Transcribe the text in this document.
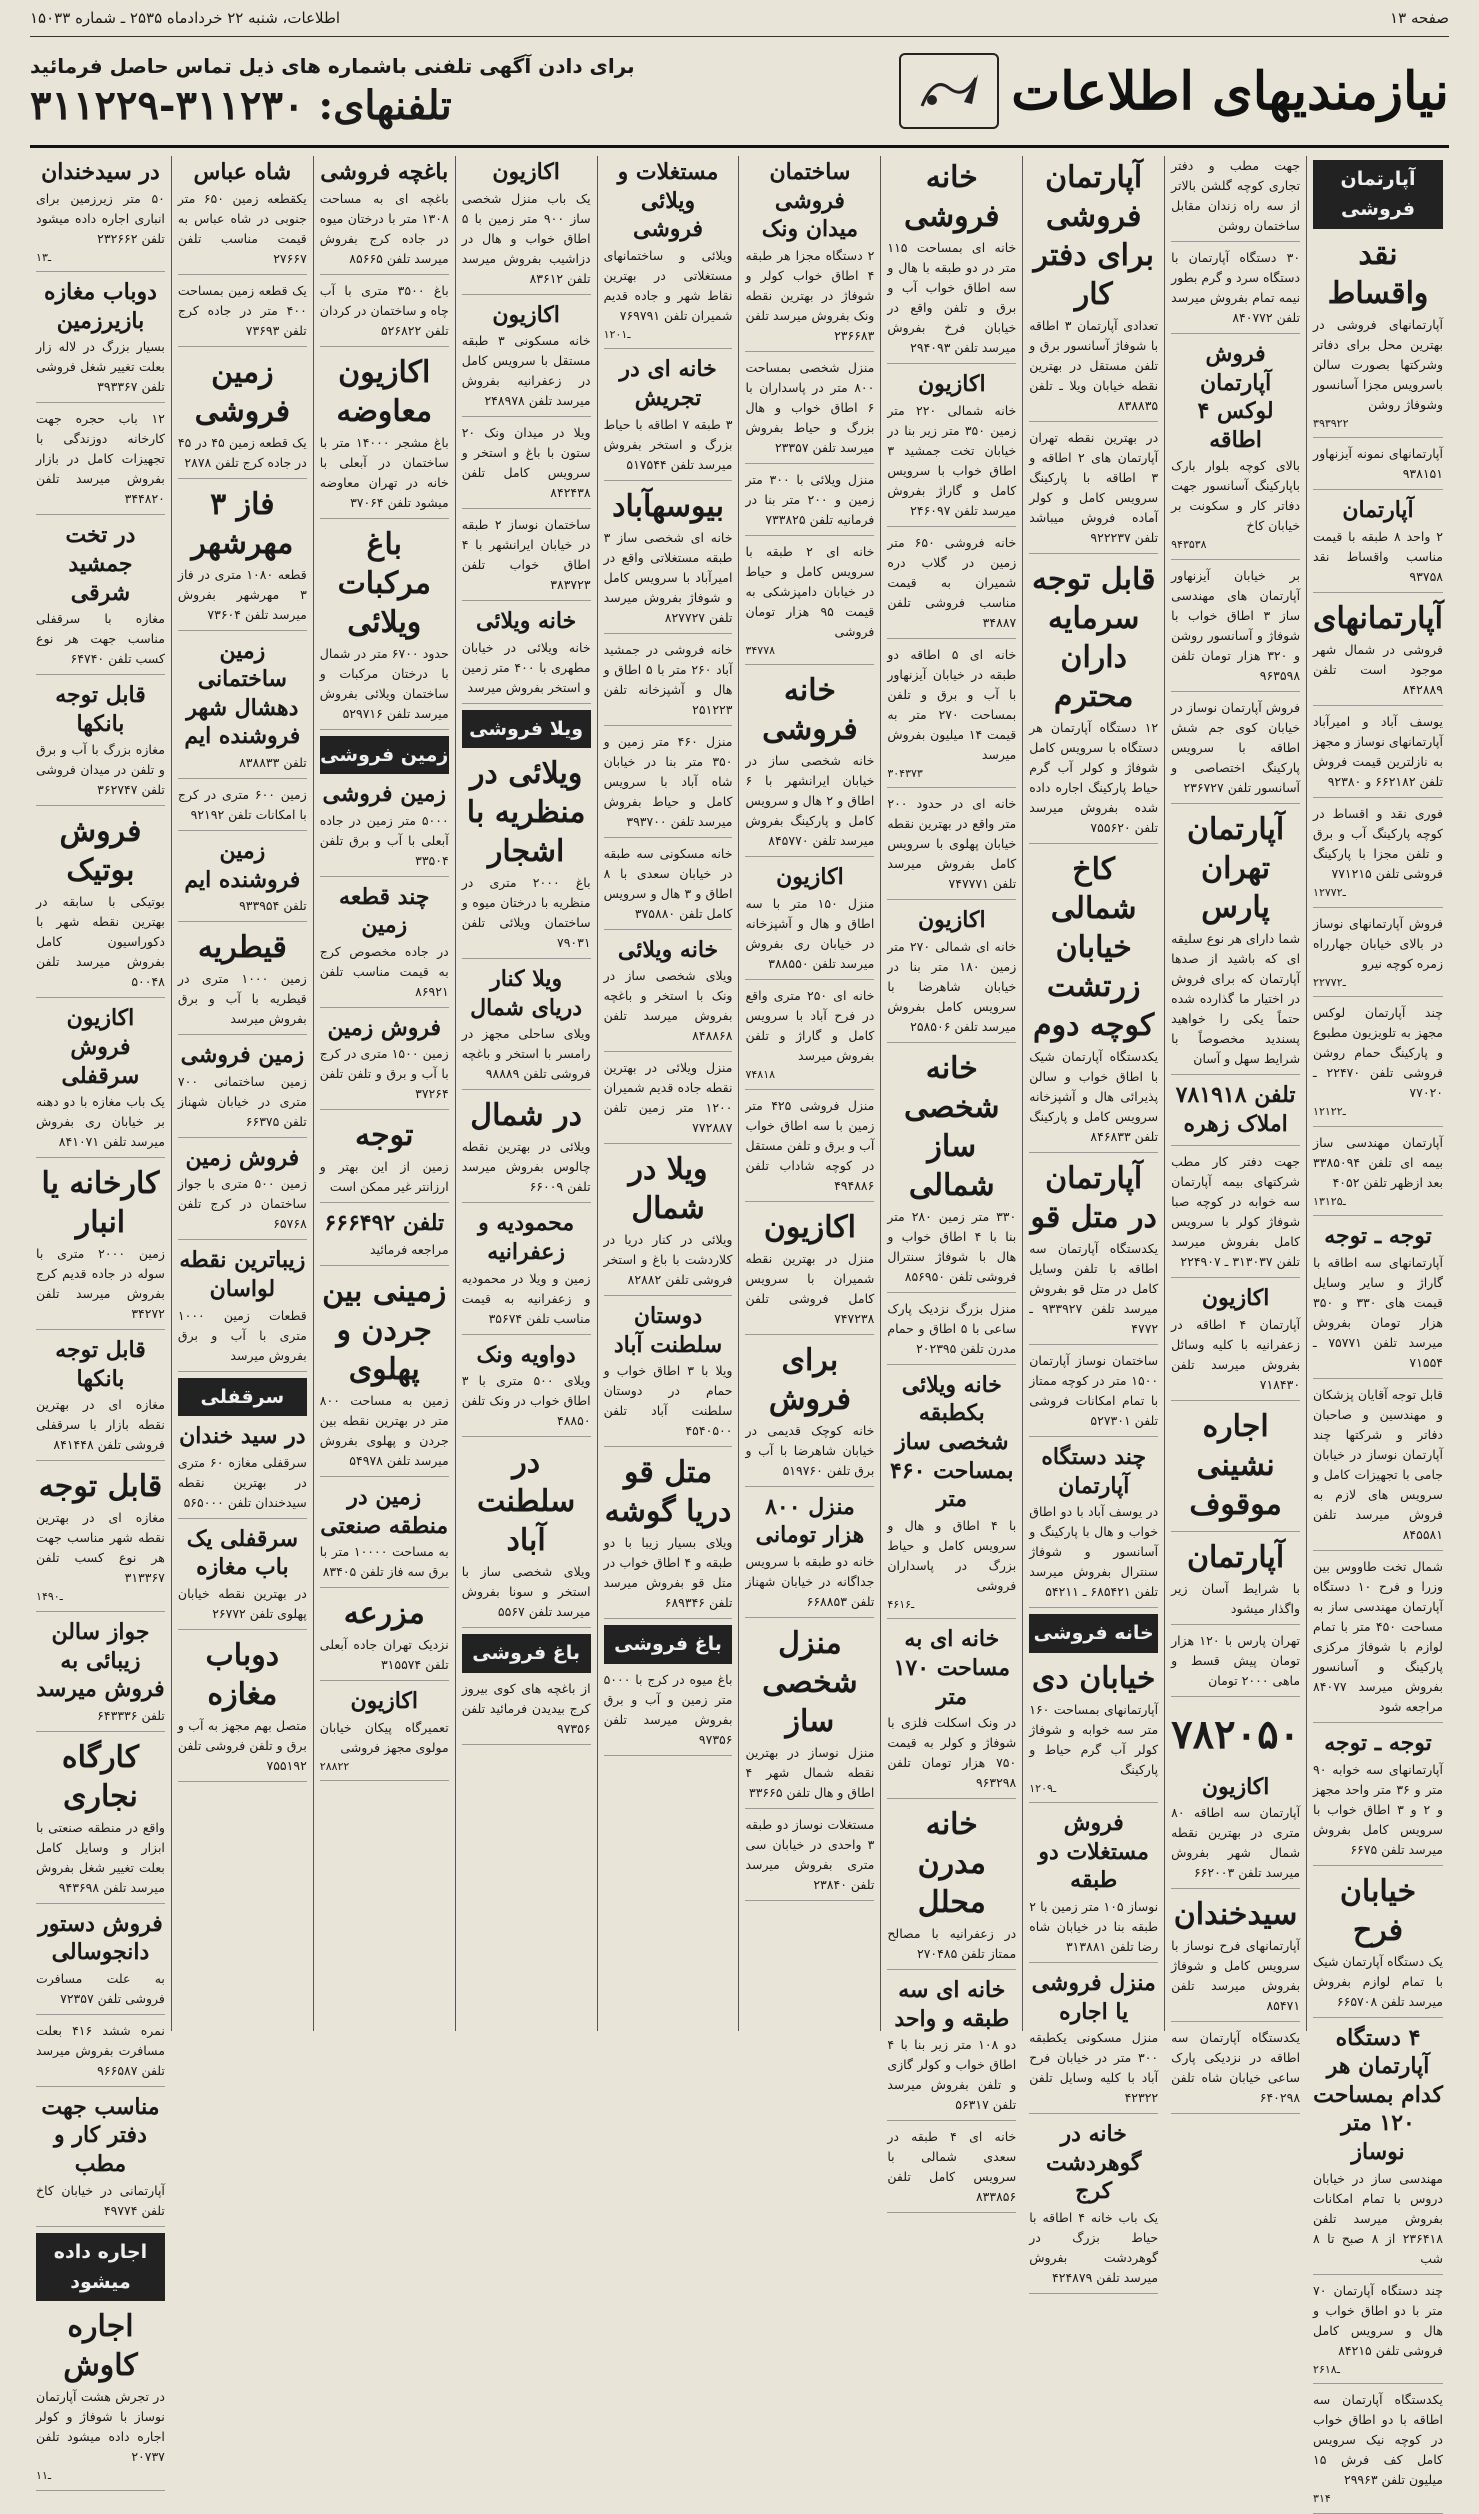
صفحه ۱۳
اطلاعات، شنبه ۲۲ خردادماه ۲۵۳۵ ـ شماره ۱۵۰۳۳
نیازمندیهای اطلاعات
برای دادن آگهی تلفنی باشماره های ذیل تماس حاصل فرمائید
تلفنهای: ۳۱۱۲۳۰-۳۱۱۲۲۹
آپارتمان فروشی
نقد واقساط
آپارتمانهای فروشی در بهترین محل برای دفاتر وشرکتها بصورت سالن باسرویس مجزا آسانسور وشوفاژ روشن
۳۹۳۹۲۲
آپارتمانهای نمونه آیزنهاور ۹۳۸۱۵۱
آپارتمان
۲ واحد ۸ طبقه با قیمت مناسب واقساط نقد ۹۳۷۵۸
آپارتمانهای
فروشی در شمال شهر موجود است تلفن ۸۴۲۸۸۹
یوسف آباد و امیرآباد آپارتمانهای نوساز و مجهز به نازلترین قیمت فروش تلفن ۶۶۲۱۸۲ و ۹۲۳۸۰
فوری نقد و اقساط در کوچه پارکینگ آب و برق و تلفن مجزا با پارکینگ فروشی تلفن ۷۷۱۲۱۵
۱ـ۲۷۷۲
فروش آپارتمانهای نوساز در بالای خیابان جهارراه زمره کوچه نیرو
۲ـ۲۷۷۲
چند آپارتمان لوکس مجهز به تلویزیون مطبوع و پارکینگ حمام روشن فروشی تلفن ۲۲۴۷۰ ـ ۷۷۰۲۰
۱ـ۲۱۲۲
آپارتمان مهندسی ساز بیمه ای تلفن ۳۳۸۵۰۹۴ بعد ازظهر تلفن ۴۰۵۲
۱ـ۳۱۲۵
توجه ـ توجه
آپارتمانهای سه اطاقه با گاراژ و سایر وسایل قیمت های ۳۳۰ و ۳۵۰ هزار تومان بفروش میرسد تلفن ۷۵۷۷۱ ـ ۷۱۵۵۴
قابل توجه آقایان پزشکان و مهندسین و صاحبان دفاتر و شرکتها چند آپارتمان نوساز در خیابان جامی با تجهیزات کامل و سرویس های لازم به فروش میرسد تلفن ۸۴۵۵۸۱
شمال تخت طاووس بین وزرا و فرح ۱۰ دستگاه آپارتمان مهندسی ساز به مساحت ۴۵۰ متر با تمام لوازم با شوفاژ مرکزی پارکینگ و آسانسور بفروش میرسد ۸۴۰۷۷ مراجعه شود
توجه ـ توجه
آپارتمانهای سه خوابه ۹۰ متر و ۳۶ متر واحد مجهز و ۲ و ۳ اطاق خواب با سرویس کامل بفروش میرسد تلفن ۶۶۷۵
خیابان فرح
یک دستگاه آپارتمان شیک با تمام لوازم بفروش میرسد تلفن ۶۶۵۷۰۸
۴ دستگاه آپارتمان هر کدام بمساحت ۱۲۰ متر نوساز
مهندسی ساز در خیابان دروس با تمام امکانات بفروش میرسد تلفن ۲۳۶۴۱۸ از ۸ صبح تا ۸ شب
چند دستگاه آپارتمان ۷۰ متر با دو اطاق خواب و هال و سرویس کامل فروشی تلفن ۸۴۲۱۵
۲ـ۶۱۸
یکدستگاه آپارتمان سه اطاقه با دو اطاق خواب در کوچه نیک سرویس کامل کف فرش ۱۵ میلیون تلفن ۲۹۹۶۳
۳۱۴
جهت مطب و دفتر تجاری کوچه گلشن بالاتر از سه راه زندان مقابل ساختمان روشن
۳۰ دستگاه آپارتمان با دستگاه سرد و گرم بطور نیمه تمام بفروش میرسد تلفن ۸۴۰۷۷۲
فروش آپارتمان لوکس ۴ اطاقه
بالای کوچه بلوار بارک باپارکینگ آسانسور جهت دفاتر کار و سکونت بر خیابان کاخ
۹۴۳۵۳۸
بر خیابان آیزنهاور آپارتمان های مهندسی ساز ۳ اطاق خواب با شوفاژ و آسانسور روشن و ۳۲۰ هزار تومان تلفن ۹۶۳۵۹۸
فروش آپارتمان نوساز در خیابان کوی جم شش اطاقه با سرویس پارکینگ اختصاصی و آسانسور تلفن ۲۳۶۷۲۷
آپارتمان تهران پارس
شما دارای هر نوع سلیقه ای که باشید از صدها آپارتمان که برای فروش در اختیار ما گذارده شده حتماً یکی را خواهید پسندید مخصوصاً با شرایط سهل و آسان
تلفن ۷۸۱۹۱۸ املاک زهره
جهت دفتر کار مطب شرکتهای بیمه آپارتمان سه خوابه در کوچه صبا شوفاژ کولر با سرویس کامل بفروش میرسد تلفن ۳۱۳۰۳۷ ـ ۲۲۴۹۰۷
اکازیون
آپارتمان ۴ اطاقه در زعفرانیه با کلیه وسائل بفروش میرسد تلفن ۷۱۸۴۳۰
اجاره نشینی موقوف
آپارتمان
با شرایط آسان زیر واگذار میشود
تهران پارس با ۱۲۰ هزار تومان پیش قسط و ماهی ۲۰۰۰ تومان
۷۸۲۰۵۰
اکازیون
آپارتمان سه اطاقه ۸۰ متری در بهترین نقطه شمال شهر بفروش میرسد تلفن ۶۶۲۰۰۳
سیدخندان
آپارتمانهای فرح نوساز با سرویس کامل و شوفاژ بفروش میرسد تلفن ۸۵۴۷۱
یکدستگاه آپارتمان سه اطاقه در نزدیکی پارک ساعی خیابان شاه تلفن ۶۴۰۲۹۸
آپارتمان فروشی برای دفتر کار
تعدادی آپارتمان ۳ اطاقه با شوفاژ آسانسور برق و تلفن مستقل در بهترین نقطه خیابان ویلا ـ تلفن ۸۳۸۸۳۵
در بهترین نقطه تهران آپارتمان های ۲ اطاقه و ۳ اطاقه با پارکینگ سرویس کامل و کولر آماده فروش میباشد تلفن ۹۲۲۲۳۷
قابل توجه سرمایه داران محترم
۱۲ دستگاه آپارتمان هر دستگاه با سرویس کامل شوفاژ و کولر آب گرم حیاط پارکینگ اجاره داده شده بفروش میرسد تلفن ۷۵۵۶۲۰
کاخ شمالی خیابان زرتشت کوچه دوم
یکدستگاه آپارتمان شیک با اطاق خواب و سالن پذیرائی هال و آشپزخانه سرویس کامل و پارکینگ تلفن ۸۴۶۸۳۳
آپارتمان در متل قو
یکدستگاه آپارتمان سه اطاقه با تلفن وسایل کامل در متل قو بفروش میرسد تلفن ۹۳۳۹۲۷ ـ ۴۷۷۲
ساختمان نوساز آپارتمان ۱۵۰۰ متر در کوچه ممتاز با تمام امکانات فروشی تلفن ۵۲۷۳۰۱
چند دستگاه آپارتمان
در یوسف آباد با دو اطاق خواب و هال با پارکینگ و آسانسور و شوفاژ سنترال بفروش میرسد تلفن ۶۸۵۴۲۱ ـ ۵۴۲۱۱
خانه فروشی
خیابان دی
آپارتمانهای بمساحت ۱۶۰ متر سه خوابه و شوفاژ کولر آب گرم حیاط و پارکینگ
۱ـ۲۰۹
فروش مستغلات دو طبقه
نوساز ۱۰۵ متر زمین با ۲ طبقه بنا در خیابان شاه رضا تلفن ۳۱۳۸۸۱
منزل فروشی یا اجاره
منزل مسکونی یکطبقه ۳۰۰ متر در خیابان فرح آباد با کلیه وسایل تلفن ۴۲۳۲۲
خانه در گوهردشت کرج
یک باب خانه ۴ اطاقه با حیاط بزرگ در گوهردشت بفروش میرسد تلفن ۴۲۴۸۷۹
خانه فروشی
خانه ای بمساحت ۱۱۵ متر در دو طبقه با هال و سه اطاق خواب آب و برق و تلفن واقع در خیابان فرخ بفروش میرسد تلفن ۲۹۴۰۹۳
اکازیون
خانه شمالی ۲۲۰ متر زمین ۳۵۰ متر زیر بنا در خیابان تخت جمشید ۳ اطاق خواب با سرویس کامل و گاراژ بفروش میرسد تلفن ۲۴۶۰۹۷
خانه فروشی ۶۵۰ متر زمین در گلاب دره شمیران به قیمت مناسب فروشی تلفن ۳۴۸۸۷
خانه ای ۵ اطاقه دو طبقه در خیابان آیزنهاور با آب و برق و تلفن بمساحت ۲۷۰ متر به قیمت ۱۴ میلیون بفروش میرسد
۳۰۴۳۷۳
خانه ای در حدود ۲۰۰ متر واقع در بهترین نقطه خیابان پهلوی با سرویس کامل بفروش میرسد تلفن ۷۴۷۷۷۱
اکازیون
خانه ای شمالی ۲۷۰ متر زمین ۱۸۰ متر بنا در خیابان شاهرضا با سرویس کامل بفروش میرسد تلفن ۲۵۸۵۰۶
خانه شخصی ساز شمالی
۳۳۰ متر زمین ۲۸۰ متر بنا با ۴ اطاق خواب و هال با شوفاژ سنترال فروشی تلفن ۸۵۶۹۵۰
منزل بزرگ نزدیک پارک ساعی با ۵ اطاق و حمام مدرن تلفن ۲۰۲۳۹۵
خانه ویلائی بکطبقه شخصی ساز بمساحت ۴۶۰ متر
با ۴ اطاق و هال و سرویس کامل و حیاط بزرگ در پاسداران فروشی
۴ـ۶۱۶
خانه ای به مساحت ۱۷۰ متر
در ونک اسکلت فلزی با شوفاژ و کولر به قیمت ۷۵۰ هزار تومان تلفن ۹۶۳۲۹۸
خانه مدرن محلل
در زعفرانیه با مصالح ممتاز تلفن ۲۷۰۴۸۵
خانه ای سه طبقه و واحد
دو ۱۰۸ متر زیر بنا با ۴ اطاق خواب و کولر گازی و تلفن بفروش میرسد تلفن ۵۶۳۱۷
خانه ای ۴ طبقه در سعدی شمالی با سرویس کامل تلفن ۸۳۳۸۵۶
ساختمان فروشی میدان ونک
۲ دستگاه مجزا هر طبقه ۴ اطاق خواب کولر و شوفاژ در بهترین نقطه ونک بفروش میرسد تلفن ۲۳۶۶۸۳
منزل شخصی بمساحت ۸۰۰ متر در پاسداران با ۶ اطاق خواب و هال بزرگ و حیاط بفروش میرسد تلفن ۲۳۳۵۷
منزل ویلائی با ۳۰۰ متر زمین و ۲۰۰ متر بنا در فرمانیه تلفن ۷۳۳۸۲۵
خانه ای ۲ طبقه با سرویس کامل و حیاط در خیابان دامپزشکی به قیمت ۹۵ هزار تومان فروشی
۳۴۷۷۸
خانه فروشی
خانه شخصی ساز در خیابان ایرانشهر با ۶ اطاق و ۲ هال و سرویس کامل و پارکینگ بفروش میرسد تلفن ۸۴۵۷۷۰
اکازیون
منزل ۱۵۰ متر با سه اطاق و هال و آشپزخانه در خیابان ری بفروش میرسد تلفن ۳۸۸۵۵۰
خانه ای ۲۵۰ متری واقع در فرح آباد با سرویس کامل و گاراژ و تلفن بفروش میرسد
۷۴۸۱۸
منزل فروشی ۴۲۵ متر زمین با سه اطاق خواب آب و برق و تلفن مستقل در کوچه شاداب تلفن ۴۹۴۸۸۶
اکازیون
منزل در بهترین نقطه شمیران با سرویس کامل فروشی تلفن ۷۴۷۲۳۸
برای فروش
خانه کوچک قدیمی در خیابان شاهرضا با آب و برق تلفن ۵۱۹۷۶۰
منزل ۸۰۰ هزار تومانی
خانه دو طبقه با سرویس جداگانه در خیابان شهناز تلفن ۶۶۸۸۵۳
منزل شخصی ساز
منزل نوساز در بهترین نقطه شمال شهر ۴ اطاق و هال تلفن ۳۳۶۶۵
مستغلات نوساز دو طبقه ۳ واحدی در خیابان سی متری بفروش میرسد تلفن ۲۳۸۴۰
مستغلات و ویلائی فروشی
ویلائی و ساختمانهای مستغلاتی در بهترین نقاط شهر و جاده قدیم شمیران تلفن ۷۶۹۷۹۱
۱ـ۲۰۱
خانه ای در تجریش
۳ طبقه ۷ اطاقه با حیاط بزرگ و استخر بفروش میرسد تلفن ۵۱۷۵۴۴
بیوسهآباد
خانه ای شخصی ساز ۳ طبقه مستغلاتی واقع در امیرآباد با سرویس کامل و شوفاژ بفروش میرسد تلفن ۸۲۷۷۲۷
خانه فروشی در جمشید آباد ۲۶۰ متر با ۵ اطاق و هال و آشپزخانه تلفن ۲۵۱۲۲۳
منزل ۴۶۰ متر زمین و ۳۵۰ متر بنا در خیابان شاه آباد با سرویس کامل و حیاط بفروش میرسد تلفن ۳۹۳۷۰۰
خانه مسکونی سه طبقه در خیابان سعدی با ۸ اطاق و ۳ هال و سرویس کامل تلفن ۳۷۵۸۸۰
خانه ویلائی
ویلای شخصی ساز در ونک با استخر و باغچه بفروش میرسد تلفن ۸۴۸۸۶۸
منزل ویلائی در بهترین نقطه جاده قدیم شمیران ۱۲۰۰ متر زمین تلفن ۷۷۲۸۸۷
ویلا در شمال
ویلائی در کنار دریا در کلاردشت با باغ و استخر فروشی تلفن ۸۲۸۸۲
دوستان سلطنت آباد
ویلا با ۳ اطاق خواب و حمام در دوستان سلطنت آباد تلفن ۴۵۴۰۵۰۰
متل قو دریا گوشه
ویلای بسیار زیبا با دو طبقه و ۴ اطاق خواب در متل قو بفروش میرسد تلفن ۶۸۹۳۴۶
باغ فروشی
باغ میوه در کرج با ۵۰۰۰ متر زمین و آب و برق بفروش میرسد تلفن ۹۷۳۵۶
اکازیون
یک باب منزل شخصی ساز ۹۰۰ متر زمین با ۵ اطاق خواب و هال در دزاشیب بفروش میرسد تلفن ۸۳۶۱۲
اکازیون
خانه مسکونی ۳ طبقه مستقل با سرویس کامل در زعفرانیه بفروش میرسد تلفن ۲۴۸۹۷۸
ویلا در میدان ونک ۲۰ ستون با باغ و استخر و سرویس کامل تلفن ۸۴۲۴۳۸
ساختمان نوساز ۲ طبقه در خیابان ایرانشهر با ۴ اطاق خواب تلفن ۳۸۳۷۲۳
خانه ویلائی
خانه ویلائی در خیابان مطهری با ۴۰۰ متر زمین و استخر بفروش میرسد
ویلا فروشی
ویلائی در منظریه با اشجار
باغ ۲۰۰۰ متری در منظریه با درختان میوه و ساختمان ویلائی تلفن ۷۹۰۳۱
ویلا کنار دریای شمال
ویلای ساحلی مجهز در رامسر با استخر و باغچه فروشی تلفن ۹۸۸۸۹
در شمال
ویلائی در بهترین نقطه چالوس بفروش میرسد تلفن ۶۶۰۰۹
محمودیه و زعفرانیه
زمین و ویلا در محمودیه و زعفرانیه به قیمت مناسب تلفن ۳۵۶۷۴
دواویه ونک
ویلای ۵۰۰ متری با ۳ اطاق خواب در ونک تلفن ۴۸۸۵۰
در سلطنت آباد
ویلای شخصی ساز با استخر و سونا بفروش میرسد تلفن ۵۵۶۷
باغ فروشی
از باغچه های کوی بیروز کرج بیدیدن فرمائید تلفن ۹۷۳۵۶
باغچه فروشی
باغچه ای به مساحت ۱۳۰۸ متر با درختان میوه در جاده کرج بفروش میرسد تلفن ۸۵۶۶۵
باغ ۳۵۰۰ متری با آب چاه و ساختمان در کردان تلفن ۵۲۶۸۲۲
اکازیون معاوضه
باغ مشجر ۱۴۰۰۰ متر با ساختمان در آبعلی با خانه در تهران معاوضه میشود تلفن ۳۷۰۶۴
باغ مرکبات ویلائی
حدود ۶۷۰۰ متر در شمال با درختان مرکبات و ساختمان ویلائی بفروش میرسد تلفن ۵۲۹۷۱۶
زمین فروشی
زمین فروشی
۵۰۰۰ متر زمین در جاده آبعلی با آب و برق تلفن ۳۳۵۰۴
چند قطعه زمین
در جاده مخصوص کرج به قیمت مناسب تلفن ۸۶۹۲۱
فروش زمین
زمین ۱۵۰۰ متری در کرج با آب و برق و تلفن تلفن ۳۷۲۶۴
توجه
زمین از این بهتر و ارزانتر غیر ممکن است
تلفن ۶۶۶۴۹۲
مراجعه فرمائید
زمینی بین جردن و پهلوی
زمین به مساحت ۸۰۰ متر در بهترین نقطه بین جردن و پهلوی بفروش میرسد تلفن ۵۴۹۷۸
زمین در منطقه صنعتی
به مساحت ۱۰۰۰۰ متر با برق سه فاز تلفن ۸۳۴۰۵
مزرعه
نزدیک تهران جاده آبعلی تلفن ۳۱۵۵۷۴
اکازیون
تعمیرگاه پیکان خیابان مولوی مجهز فروشی
۲۸۸۲۲
شاه عباس
یکقطعه زمین ۶۵۰ متر جنوبی در شاه عباس به قیمت مناسب تلفن ۲۷۶۶۷
یک قطعه زمین بمساحت ۴۰۰ متر در جاده کرج تلفن ۷۳۶۹۳
زمین فروشی
یک قطعه زمین ۴۵ در ۴۵ در جاده کرج تلفن ۲۸۷۸
فاز ۳ مهرشهر
قطعه ۱۰۸۰ متری در فاز ۳ مهرشهر بفروش میرسد تلفن ۷۳۶۰۴
زمین ساختمانی دهشال شهر فروشنده ایم
تلفن ۸۳۸۸۳۳
زمین ۶۰۰ متری در کرج با امکانات تلفن ۹۲۱۹۲
زمین فروشنده ایم
تلفن ۹۳۳۹۵۴
قیطریه
زمین ۱۰۰۰ متری در قیطریه با آب و برق بفروش میرسد
زمین فروشی
زمین ساختمانی ۷۰۰ متری در خیابان شهناز تلفن ۶۶۳۷۵
فروش زمین
زمین ۵۰۰ متری با جواز ساختمان در کرج تلفن ۶۵۷۶۸
زیباترین نقطه لواسان
قطعات زمین ۱۰۰۰ متری با آب و برق بفروش میرسد
سرقفلی
در سید خندان
سرقفلی مغازه ۶۰ متری در بهترین نقطه سیدخندان تلفن ۵۶۵۰۰۰
سرقفلی یک باب مغازه
در بهترین نقطه خیابان پهلوی تلفن ۲۶۷۷۲
دوباب مغازه
متصل بهم مجهز به آب و برق و تلفن فروشی تلفن ۷۵۵۱۹۲
در سیدخندان
۵۰ متر زیرزمین برای انباری اجاره داده میشود تلفن ۲۳۲۶۶۲
۱ـ۳
دوباب مغازه بازیرزمین
بسیار بزرگ در لاله زار بعلت تغییر شغل فروشی تلفن ۳۹۳۳۶۷
۱۲ باب حجره جهت کارخانه دوزندگی با تجهیزات کامل در بازار بفروش میرسد تلفن ۳۴۴۸۲۰
در تخت جمشید شرقی
مغازه با سرقفلی مناسب جهت هر نوع کسب تلفن ۶۴۷۴۰
قابل توجه بانکها
مغازه بزرگ با آب و برق و تلفن در میدان فروشی تلفن ۳۶۲۷۴۷
فروش بوتیک
بوتیکی با سابقه در بهترین نقطه شهر با دکوراسیون کامل بفروش میرسد تلفن ۵۰۰۴۸
اکازیون فروش سرقفلی
یک باب مغازه با دو دهنه بر خیابان ری بفروش میرسد تلفن ۸۴۱۰۷۱
کارخانه یا انبار
زمین ۲۰۰۰ متری با سوله در جاده قدیم کرج بفروش میرسد تلفن ۳۴۲۷۲
قابل توجه بانکها
مغازه ای در بهترین نقطه بازار با سرقفلی فروشی تلفن ۸۴۱۴۴۸
قابل توجه
مغازه ای در بهترین نقطه شهر مناسب جهت هر نوع کسب تلفن ۳۱۳۳۶۷
۱ـ۴۹۰
جواز سالن زیبائی به فروش میرسد
تلفن ۶۴۳۳۳۶
کارگاه نجاری
واقع در منطقه صنعتی با ابزار و وسایل کامل بعلت تغییر شغل بفروش میرسد تلفن ۹۴۳۶۹۸
فروش دستور دانجوسالی
به علت مسافرت فروشی تلفن ۷۲۳۵۷
نمره ششد ۴۱۶ بعلت مسافرت بفروش میرسد تلفن ۹۶۶۵۸۷
مناسب جهت دفتر کار و مطب
آپارتمانی در خیابان کاخ تلفن ۴۹۷۷۴
اجاره داده میشود
اجاره کاوش
در تجرش هشت آپارتمان نوساز با شوفاژ و کولر اجاره داده میشود تلفن ۲۰۷۳۷
۱ـ۱
